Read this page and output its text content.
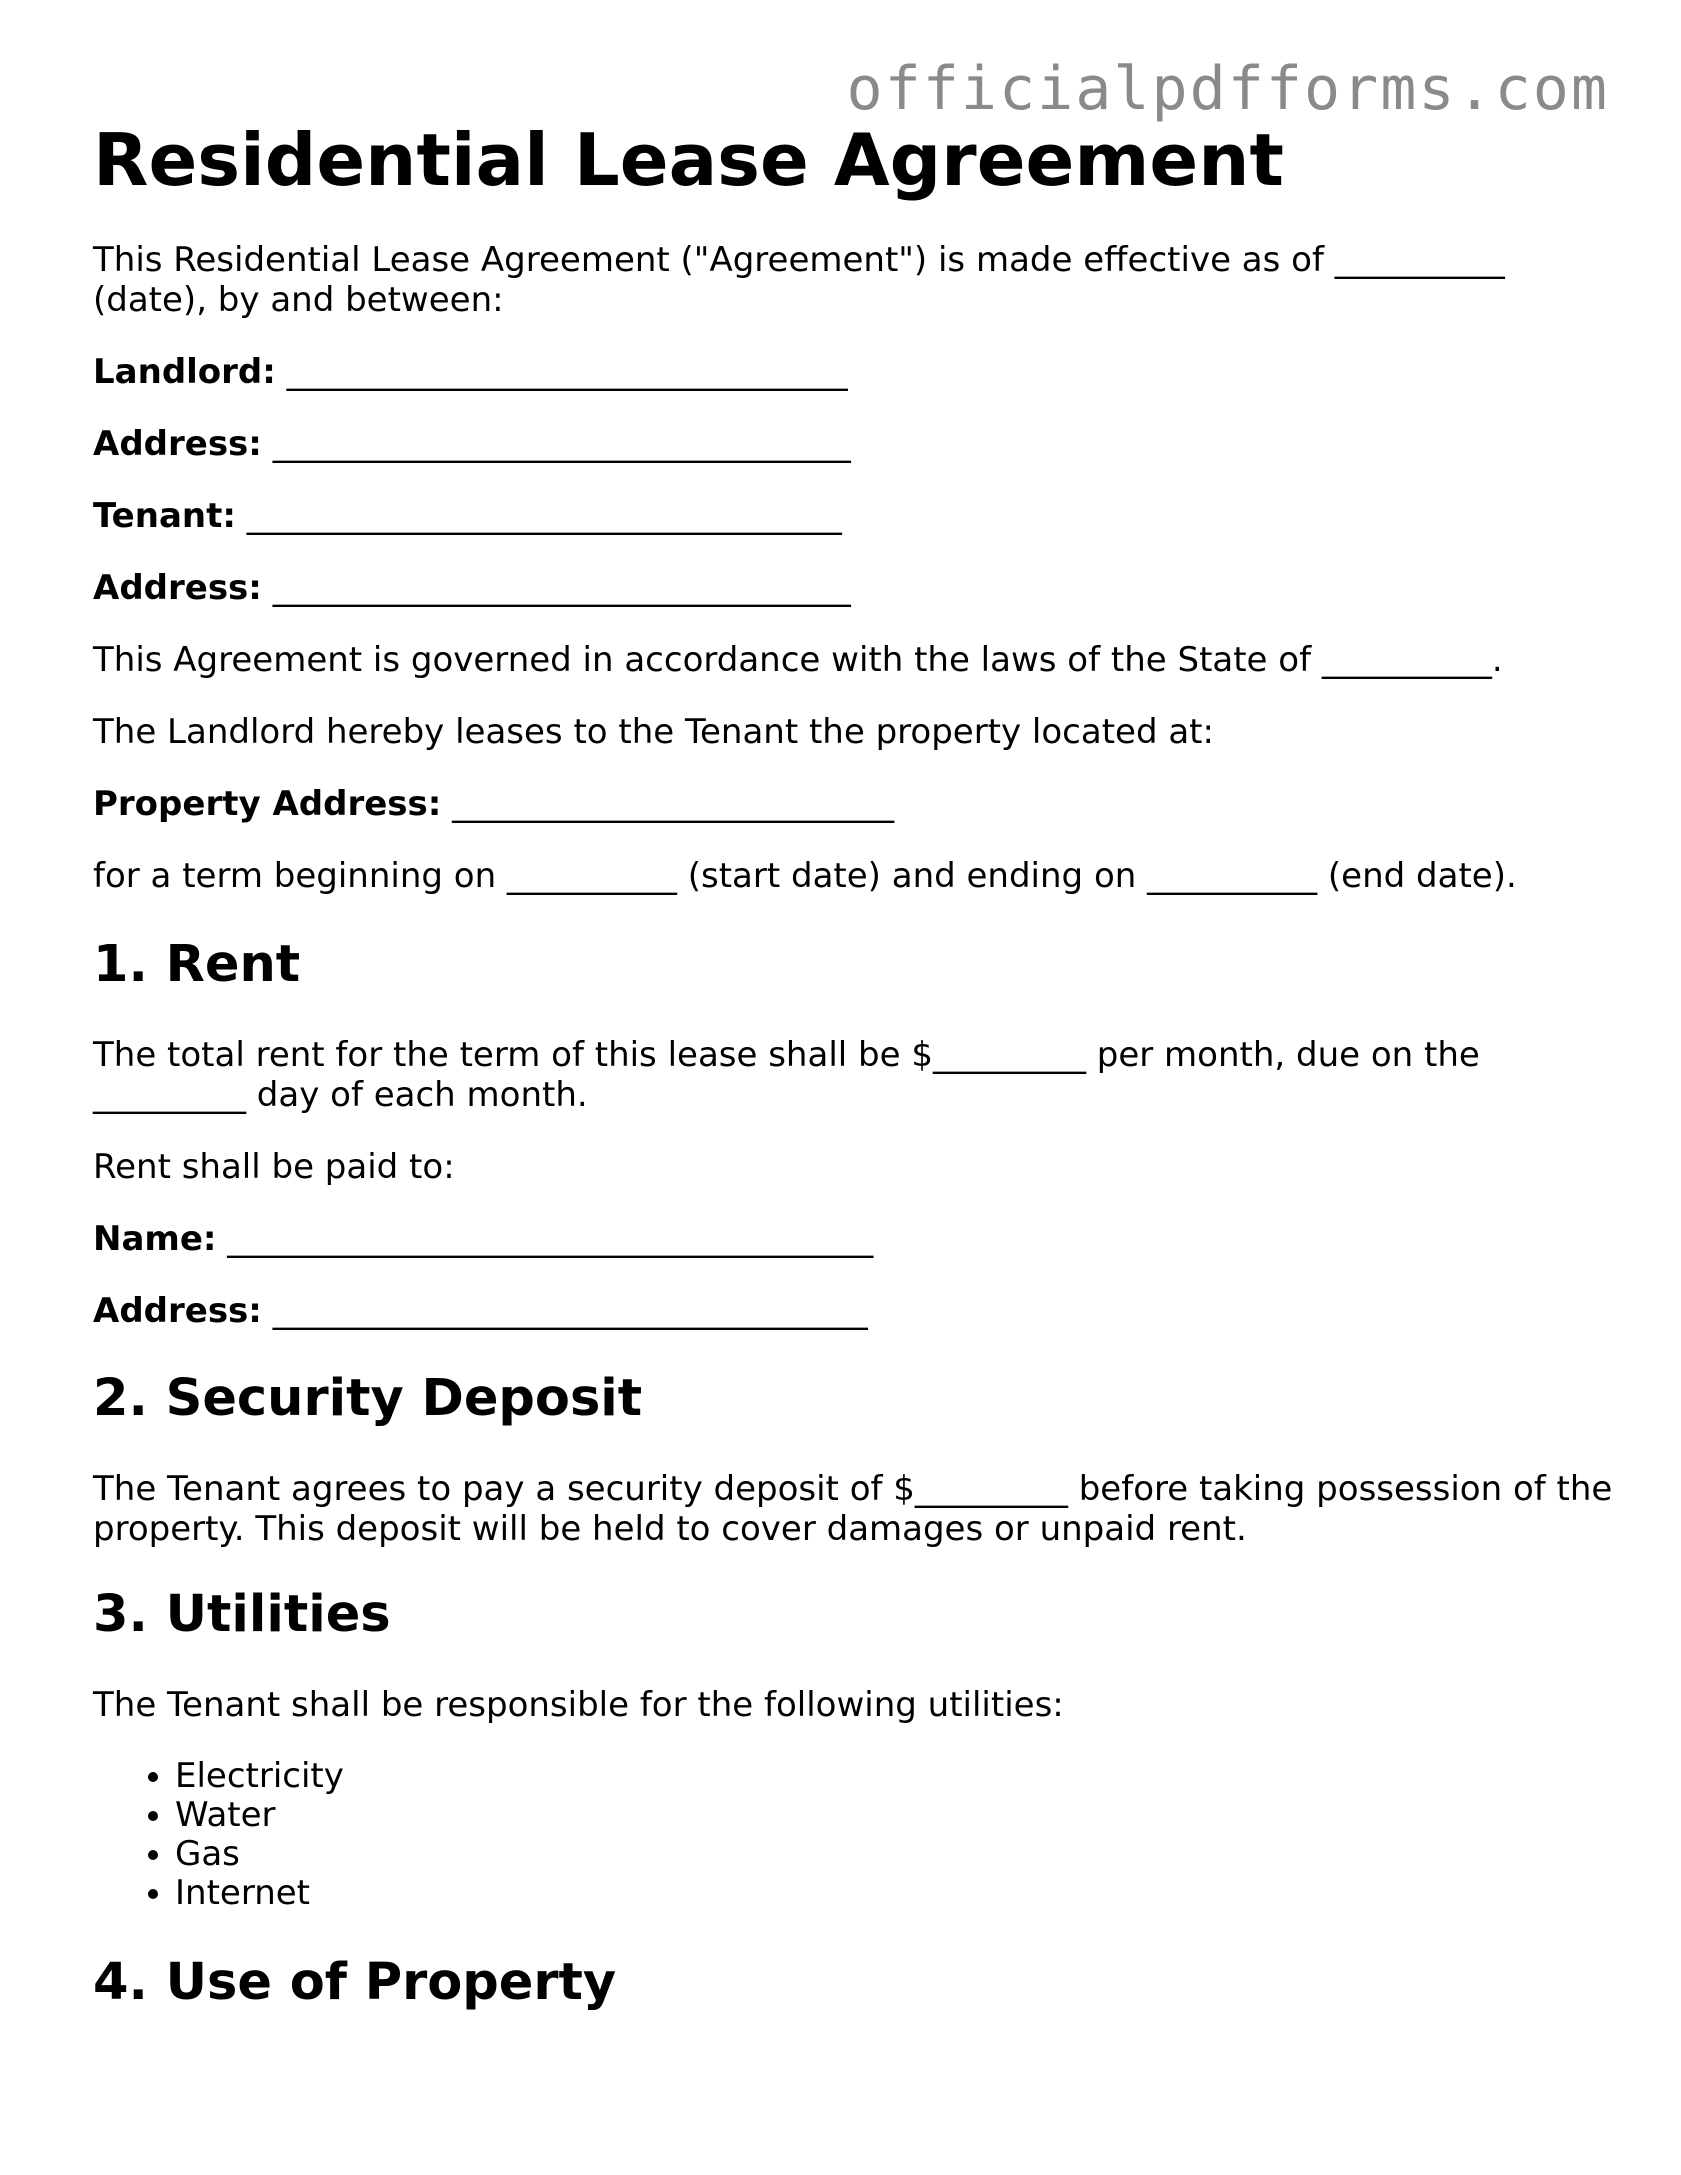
officialpdfforms.com
Residential Lease Agreement

This Residential Lease Agreement ("Agreement") is made effective as of __________
(date), by and between:

Landlord: _________________________________

Address: __________________________________

Tenant: ___________________________________

Address: __________________________________

This Agreement is governed in accordance with the laws of the State of __________.

The Landlord hereby leases to the Tenant the property located at:

Property Address: __________________________

for a term beginning on __________ (start date) and ending on __________ (end date).

1. Rent

The total rent for the term of this lease shall be $_________ per month, due on the
_________ day of each month.

Rent shall be paid to:

Name: ______________________________________

Address: ___________________________________

2. Security Deposit

The Tenant agrees to pay a security deposit of $_________ before taking possession of the
property. This deposit will be held to cover damages or unpaid rent.

3. Utilities

The Tenant shall be responsible for the following utilities:

• Electricity
• Water
• Gas
• Internet
4. Use of Property
